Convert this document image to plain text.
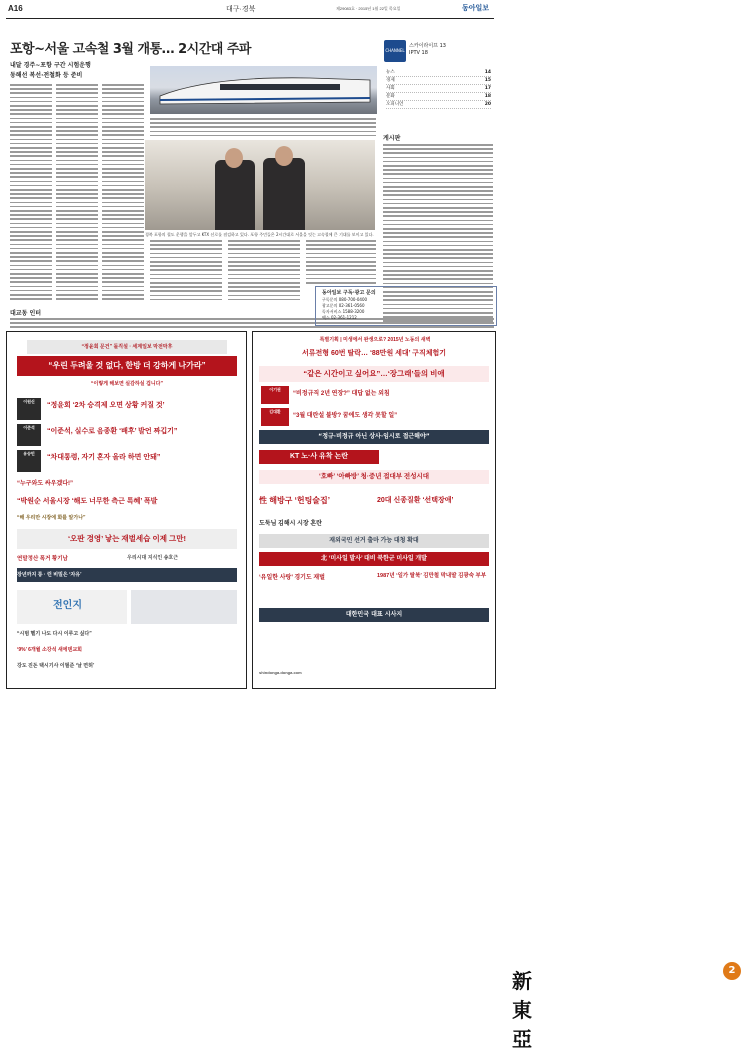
A16	대구·경북	제29083호 · 2015년 1월 22일 목요일	동아일보
포항~서울 고속철 3월 개통… 2시간대 주파
내달 경주~포항 구간 시험운행
동해선 복선·전철화 등 준비
CHANNEL
스카이라이프 13
IPTV 18
뉴스	14
경제	15
사회	17
문화	18
오피니언	20
경북 포항의 철도 운행을 앞두고 KTX 선로를 점검하고 있다. 포항 주민들은 2시간대로 서울을 잇는 고속철에 큰 기대를 보이고 있다.
게시판
동아일보 구독·광고 문의
구독문의 080-700-0400
광고문의 02-361-0560
독자서비스 1588-3200
팩스 02-361-1212
대교동 인터
“정윤회 문건” 돌직설 · 세계일보 막전막후
“우린 두려울 것 없다, 한방 더 강하게 나가라”
“이렇게 해보면 실감하실 겁니다”
이원신
“정윤회 ‘2차 승격제 오면 상황 커질 것’
이준석
“이준석, 실수로 음종환 ‘배후’ 발언 짜깁기”
유승민
“차대통령, 자기 혼자 올라 하면 안돼”
“누구와도 싸우겠다!”
“박원순 서울시장 ‘해도 너무한 측근 특혜’ 폭발
“해 우리만 시장에 화를 알가나”
‘오판 경영’ 낳는 재벌세습 이제 그만!
연말정산 폭거 황기남	우리시대 지식인 송호근
장년까지 롱 · 런 비밀은 ‘자유’
전인지
“시범 헬기 나도 다시 이루고 싶다”
‘9%’ 6개월 소강석 새에덴교회
강도 진돈 택시기사 이필준 ‘날 면허’
특별기획 | 미생에서 완생으로? 2015년 노동의 새벽
서류전형 60번 탈락… ‘88만원 세대’ 구직체험기
“같은 시간이고 싶어요”…‘장그래’들의 비애
이기권
“비정규직 2년 연장?” 대답 없는 외침
김대환
“3월 대란설 불방? 꿈에도 생각 못할 일”
“정규·비정규 아닌 상사·임시로 접근해야”
KT 노·사 유착 논란
‘호빠’ ‘아빠방’ 청·중년 접대부 전성시대
性 해방구 ‘헌팅술집’	20대 신종질환 ‘선택장애’
도둑님 김해시 시장 혼란
재외국민 선거 출마 가능 대청 확대
北 ‘미사일 발사’ 대비 북한군 미사일 개발
‘유일한 사랑’ 경기도 재벌	1987년 ‘일가 탈북’ 김만철 막내딸 김광숙 부부
대한민국 대표 시사지
新東亞
2
shindonga.donga.com
